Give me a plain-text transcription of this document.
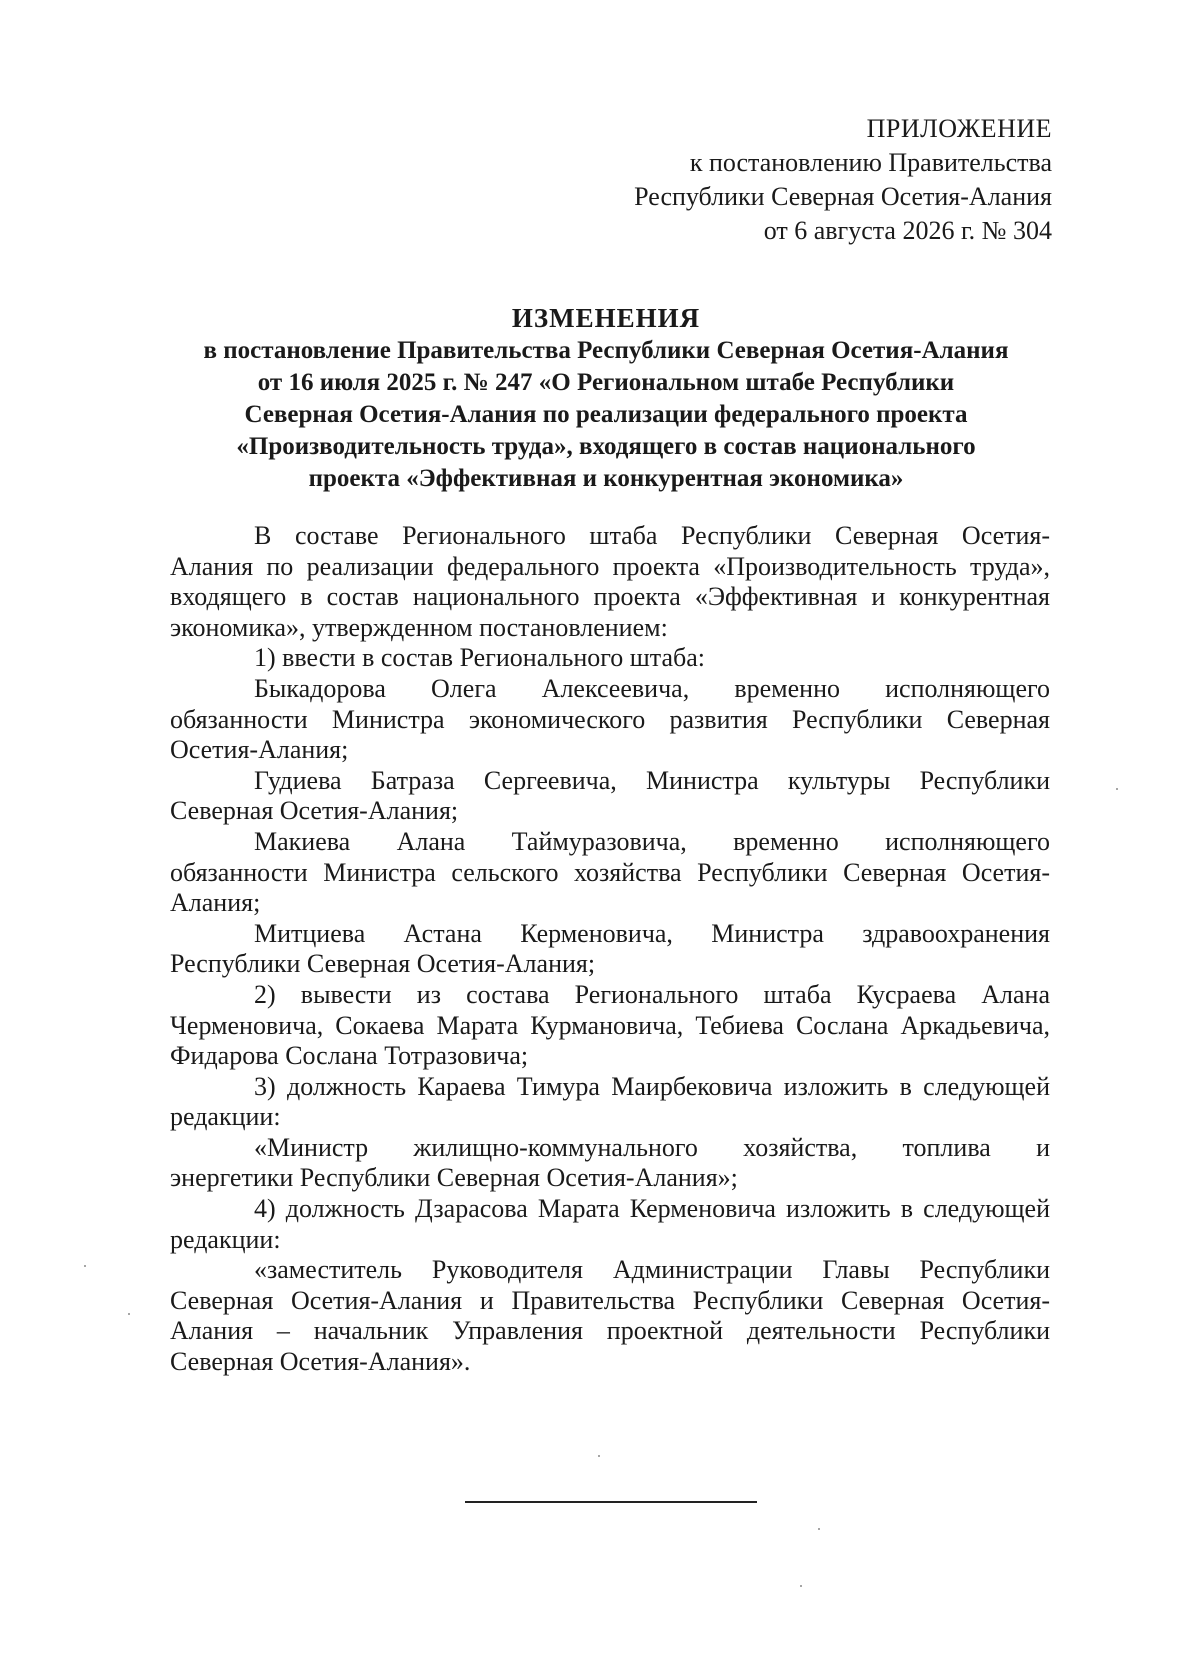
ПРИЛОЖЕНИЕ
к постановлению Правительства
Республики Северная Осетия-Алания
от 6 августа 2026 г. № 304
ИЗМЕНЕНИЯ
в постановление Правительства Республики Северная Осетия-Алания
от 16 июля 2025 г. № 247 «О Региональном штабе Республики
Северная Осетия-Алания по реализации федерального проекта
«Производительность труда», входящего в состав национального
проекта «Эффективная и конкурентная экономика»
В составе Регионального штаба Республики Северная Осетия-
Алания по реализации федерального проекта «Производительность труда»,
входящего в состав национального проекта «Эффективная и конкурентная
экономика», утвержденном постановлением:
1) ввести в состав Регионального штаба:
Быкадорова Олега Алексеевича, временно исполняющего
обязанности Министра экономического развития Республики Северная
Осетия-Алания;
Гудиева Батраза Сергеевича, Министра культуры Республики
Северная Осетия-Алания;
Макиева Алана Таймуразовича, временно исполняющего
обязанности Министра сельского хозяйства Республики Северная Осетия-
Алания;
Митциева Астана Керменовича, Министра здравоохранения
Республики Северная Осетия-Алания;
2) вывести из состава Регионального штаба Кусраева Алана
Черменовича, Сокаева Марата Курмановича, Тебиева Сослана Аркадьевича,
Фидарова Сослана Тотразовича;
3) должность Караева Тимура Маирбековича изложить в следующей
редакции:
«Министр жилищно-коммунального хозяйства, топлива и
энергетики Республики Северная Осетия-Алания»;
4) должность Дзарасова Марата Керменовича изложить в следующей
редакции:
«заместитель Руководителя Администрации Главы Республики
Северная Осетия-Алания и Правительства Республики Северная Осетия-
Алания – начальник Управления проектной деятельности Республики
Северная Осетия-Алания».
